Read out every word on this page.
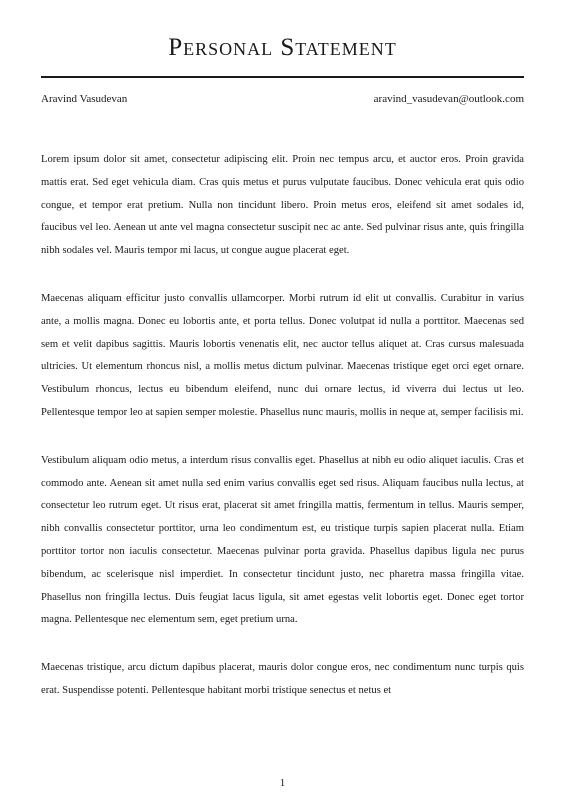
Personal Statement
Aravind Vasudevan	aravind_vasudevan@outlook.com

Lorem ipsum dolor sit amet, consectetur adipiscing elit. Proin nec tempus arcu, et auctor eros. Proin gravida mattis erat. Sed eget vehicula diam. Cras quis metus et purus vulputate faucibus. Donec vehicula erat quis odio congue, et tempor erat pretium. Nulla non tincidunt libero. Proin metus eros, eleifend sit amet sodales id, faucibus vel leo. Aenean ut ante vel magna consectetur suscipit nec ac ante. Sed pulvinar risus ante, quis fringilla nibh sodales vel. Mauris tempor mi lacus, ut congue augue placerat eget.

Maecenas aliquam efficitur justo convallis ullamcorper. Morbi rutrum id elit ut convallis. Curabitur in varius ante, a mollis magna. Donec eu lobortis ante, et porta tellus. Donec volutpat id nulla a porttitor. Maecenas sed sem et velit dapibus sagittis. Mauris lobortis venenatis elit, nec auctor tellus aliquet at. Cras cursus malesuada ultricies. Ut elementum rhoncus nisl, a mollis metus dictum pulvinar. Maecenas tristique eget orci eget ornare. Vestibulum rhoncus, lectus eu bibendum eleifend, nunc dui ornare lectus, id viverra dui lectus ut leo. Pellentesque tempor leo at sapien semper molestie. Phasellus nunc mauris, mollis in neque at, semper facilisis mi.

Vestibulum aliquam odio metus, a interdum risus convallis eget. Phasellus at nibh eu odio aliquet iaculis. Cras et commodo ante. Aenean sit amet nulla sed enim varius convallis eget sed risus. Aliquam faucibus nulla lectus, at consectetur leo rutrum eget. Ut risus erat, placerat sit amet fringilla mattis, fermentum in tellus. Mauris semper, nibh convallis consectetur porttitor, urna leo condimentum est, eu tristique turpis sapien placerat nulla. Etiam porttitor tortor non iaculis consectetur. Maecenas pulvinar porta gravida. Phasellus dapibus ligula nec purus bibendum, ac scelerisque nisl imperdiet. In consectetur tincidunt justo, nec pharetra massa fringilla vitae. Phasellus non fringilla lectus. Duis feugiat lacus ligula, sit amet egestas velit lobortis eget. Donec eget tortor magna. Pellentesque nec elementum sem, eget pretium urna.

Maecenas tristique, arcu dictum dapibus placerat, mauris dolor congue eros, nec condimentum nunc turpis quis erat. Suspendisse potenti. Pellentesque habitant morbi tristique senectus et netus et

1
